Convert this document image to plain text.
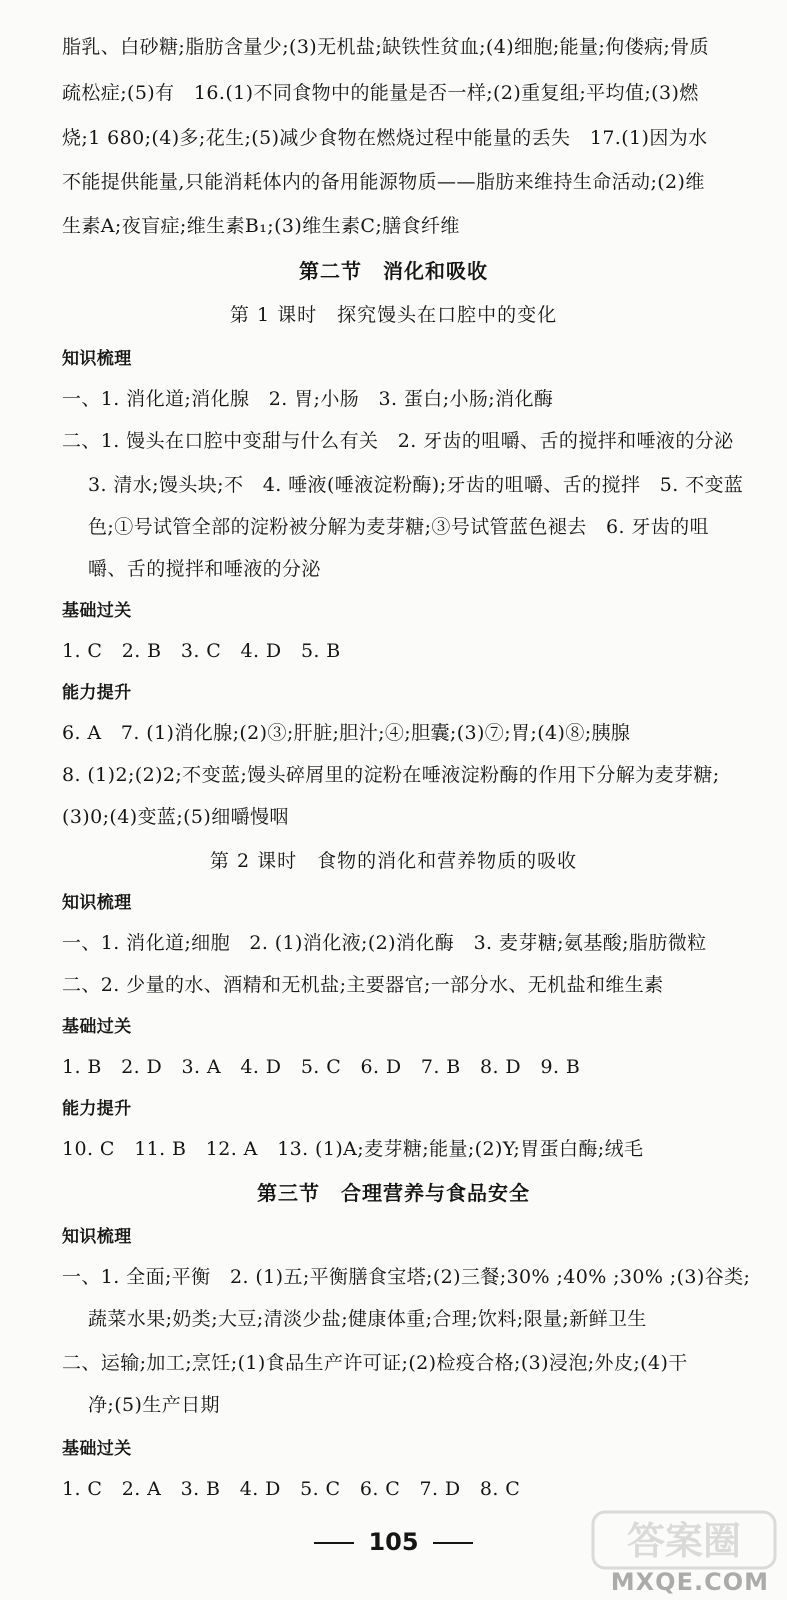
脂乳、白砂糖;脂肪含量少;(3)无机盐;缺铁性贫血;(4)细胞;能量;佝偻病;骨质
疏松症;(5)有　16.(1)不同食物中的能量是否一样;(2)重复组;平均值;(3)燃
烧;1 680;(4)多;花生;(5)减少食物在燃烧过程中能量的丢失　17.(1)因为水
不能提供能量,只能消耗体内的备用能源物质——脂肪来维持生命活动;(2)维
生素A;夜盲症;维生素B₁;(3)维生素C;膳食纤维
第二节　消化和吸收
第 1 课时　探究馒头在口腔中的变化
知识梳理
一、1. 消化道;消化腺　2. 胃;小肠　3. 蛋白;小肠;消化酶
二、1. 馒头在口腔中变甜与什么有关　2. 牙齿的咀嚼、舌的搅拌和唾液的分泌
3. 清水;馒头块;不　4. 唾液(唾液淀粉酶);牙齿的咀嚼、舌的搅拌　5. 不变蓝
色;①号试管全部的淀粉被分解为麦芽糖;③号试管蓝色褪去　6. 牙齿的咀
嚼、舌的搅拌和唾液的分泌
基础过关
1. C　2. B　3. C　4. D　5. B
能力提升
6. A　7. (1)消化腺;(2)③;肝脏;胆汁;④;胆囊;(3)⑦;胃;(4)⑧;胰腺
8. (1)2;(2)2;不变蓝;馒头碎屑里的淀粉在唾液淀粉酶的作用下分解为麦芽糖;
(3)0;(4)变蓝;(5)细嚼慢咽
第 2 课时　食物的消化和营养物质的吸收
知识梳理
一、1. 消化道;细胞　2. (1)消化液;(2)消化酶　3. 麦芽糖;氨基酸;脂肪微粒
二、2. 少量的水、酒精和无机盐;主要器官;一部分水、无机盐和维生素
基础过关
1. B　2. D　3. A　4. D　5. C　6. D　7. B　8. D　9. B
能力提升
10. C　11. B　12. A　13. (1)A;麦芽糖;能量;(2)Y;胃蛋白酶;绒毛
第三节　合理营养与食品安全
知识梳理
一、1. 全面;平衡　2. (1)五;平衡膳食宝塔;(2)三餐;30% ;40% ;30% ;(3)谷类;
蔬菜水果;奶类;大豆;清淡少盐;健康体重;合理;饮料;限量;新鲜卫生
二、运输;加工;烹饪;(1)食品生产许可证;(2)检疫合格;(3)浸泡;外皮;(4)干
净;(5)生产日期
基础过关
1. C　2. A　3. B　4. D　5. C　6. C　7. D　8. C
105	答案圈
MXQE.COM
